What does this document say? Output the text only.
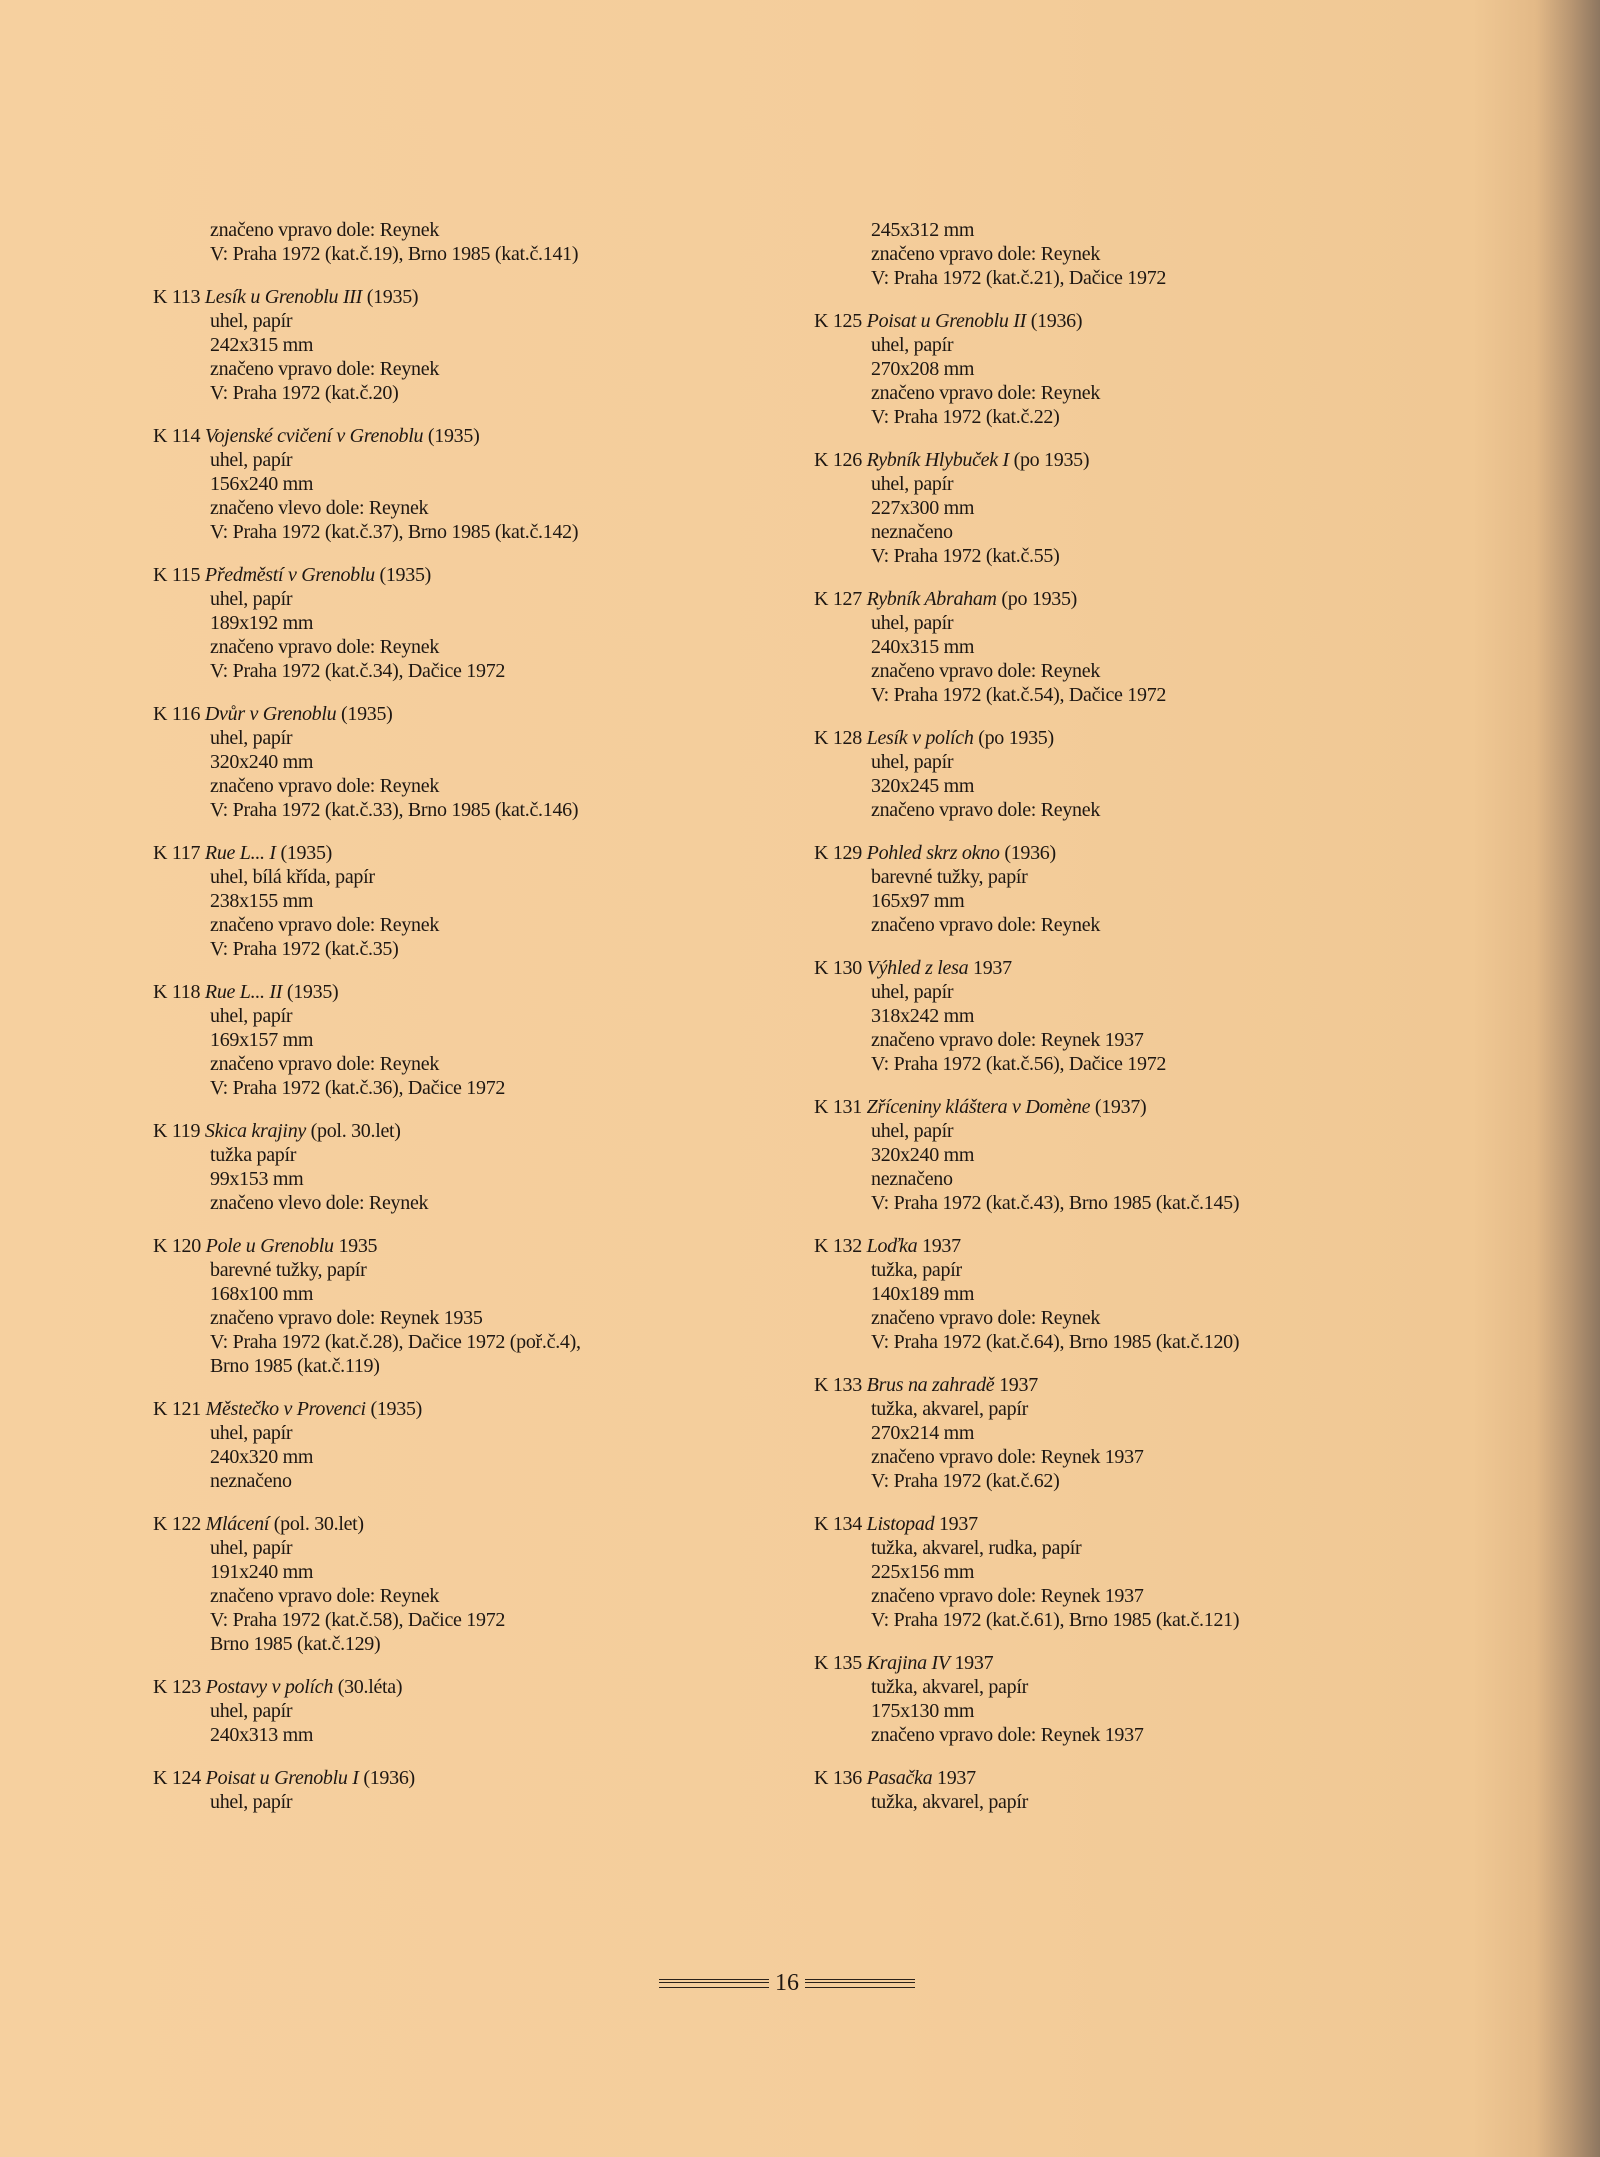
značeno vpravo dole: Reynek
V: Praha 1972 (kat.č.19), Brno 1985 (kat.č.141)
K 113 Lesík u Grenoblu III (1935)
uhel, papír
242x315 mm
značeno vpravo dole: Reynek
V: Praha 1972 (kat.č.20)
K 114 Vojenské cvičení v Grenoblu (1935)
uhel, papír
156x240 mm
značeno vlevo dole: Reynek
V: Praha 1972 (kat.č.37), Brno 1985 (kat.č.142)
K 115 Předměstí v Grenoblu (1935)
uhel, papír
189x192 mm
značeno vpravo dole: Reynek
V: Praha 1972 (kat.č.34), Dačice 1972
K 116 Dvůr v Grenoblu (1935)
uhel, papír
320x240 mm
značeno vpravo dole: Reynek
V: Praha 1972 (kat.č.33), Brno 1985 (kat.č.146)
K 117 Rue L... I (1935)
uhel, bílá křída, papír
238x155 mm
značeno vpravo dole: Reynek
V: Praha 1972 (kat.č.35)
K 118 Rue L... II (1935)
uhel, papír
169x157 mm
značeno vpravo dole: Reynek
V: Praha 1972 (kat.č.36), Dačice 1972
K 119 Skica krajiny (pol. 30.let)
tužka papír
99x153 mm
značeno vlevo dole: Reynek
K 120 Pole u Grenoblu 1935
barevné tužky, papír
168x100 mm
značeno vpravo dole: Reynek 1935
V: Praha 1972 (kat.č.28), Dačice 1972 (poř.č.4),
Brno 1985 (kat.č.119)
K 121 Městečko v Provenci (1935)
uhel, papír
240x320 mm
neznačeno
K 122 Mlácení (pol. 30.let)
uhel, papír
191x240 mm
značeno vpravo dole: Reynek
V: Praha 1972 (kat.č.58), Dačice 1972
Brno 1985 (kat.č.129)
K 123 Postavy v polích (30.léta)
uhel, papír
240x313 mm
K 124 Poisat u Grenoblu I (1936)
uhel, papír
245x312 mm
značeno vpravo dole: Reynek
V: Praha 1972 (kat.č.21), Dačice 1972
K 125 Poisat u Grenoblu II (1936)
uhel, papír
270x208 mm
značeno vpravo dole: Reynek
V: Praha 1972 (kat.č.22)
K 126 Rybník Hlybuček I (po 1935)
uhel, papír
227x300 mm
neznačeno
V: Praha 1972 (kat.č.55)
K 127 Rybník Abraham (po 1935)
uhel, papír
240x315 mm
značeno vpravo dole: Reynek
V: Praha 1972 (kat.č.54), Dačice 1972
K 128 Lesík v polích (po 1935)
uhel, papír
320x245 mm
značeno vpravo dole: Reynek
K 129 Pohled skrz okno (1936)
barevné tužky, papír
165x97 mm
značeno vpravo dole: Reynek
K 130 Výhled z lesa 1937
uhel, papír
318x242 mm
značeno vpravo dole: Reynek 1937
V: Praha 1972 (kat.č.56), Dačice 1972
K 131 Zříceniny kláštera v Domène (1937)
uhel, papír
320x240 mm
neznačeno
V: Praha 1972 (kat.č.43), Brno 1985 (kat.č.145)
K 132 Loďka 1937
tužka, papír
140x189 mm
značeno vpravo dole: Reynek
V: Praha 1972 (kat.č.64), Brno 1985 (kat.č.120)
K 133 Brus na zahradě 1937
tužka, akvarel, papír
270x214 mm
značeno vpravo dole: Reynek 1937
V: Praha 1972 (kat.č.62)
K 134 Listopad 1937
tužka, akvarel, rudka, papír
225x156 mm
značeno vpravo dole: Reynek 1937
V: Praha 1972 (kat.č.61), Brno 1985 (kat.č.121)
K 135 Krajina IV 1937
tužka, akvarel, papír
175x130 mm
značeno vpravo dole: Reynek 1937
K 136 Pasačka 1937
tužka, akvarel, papír
16
